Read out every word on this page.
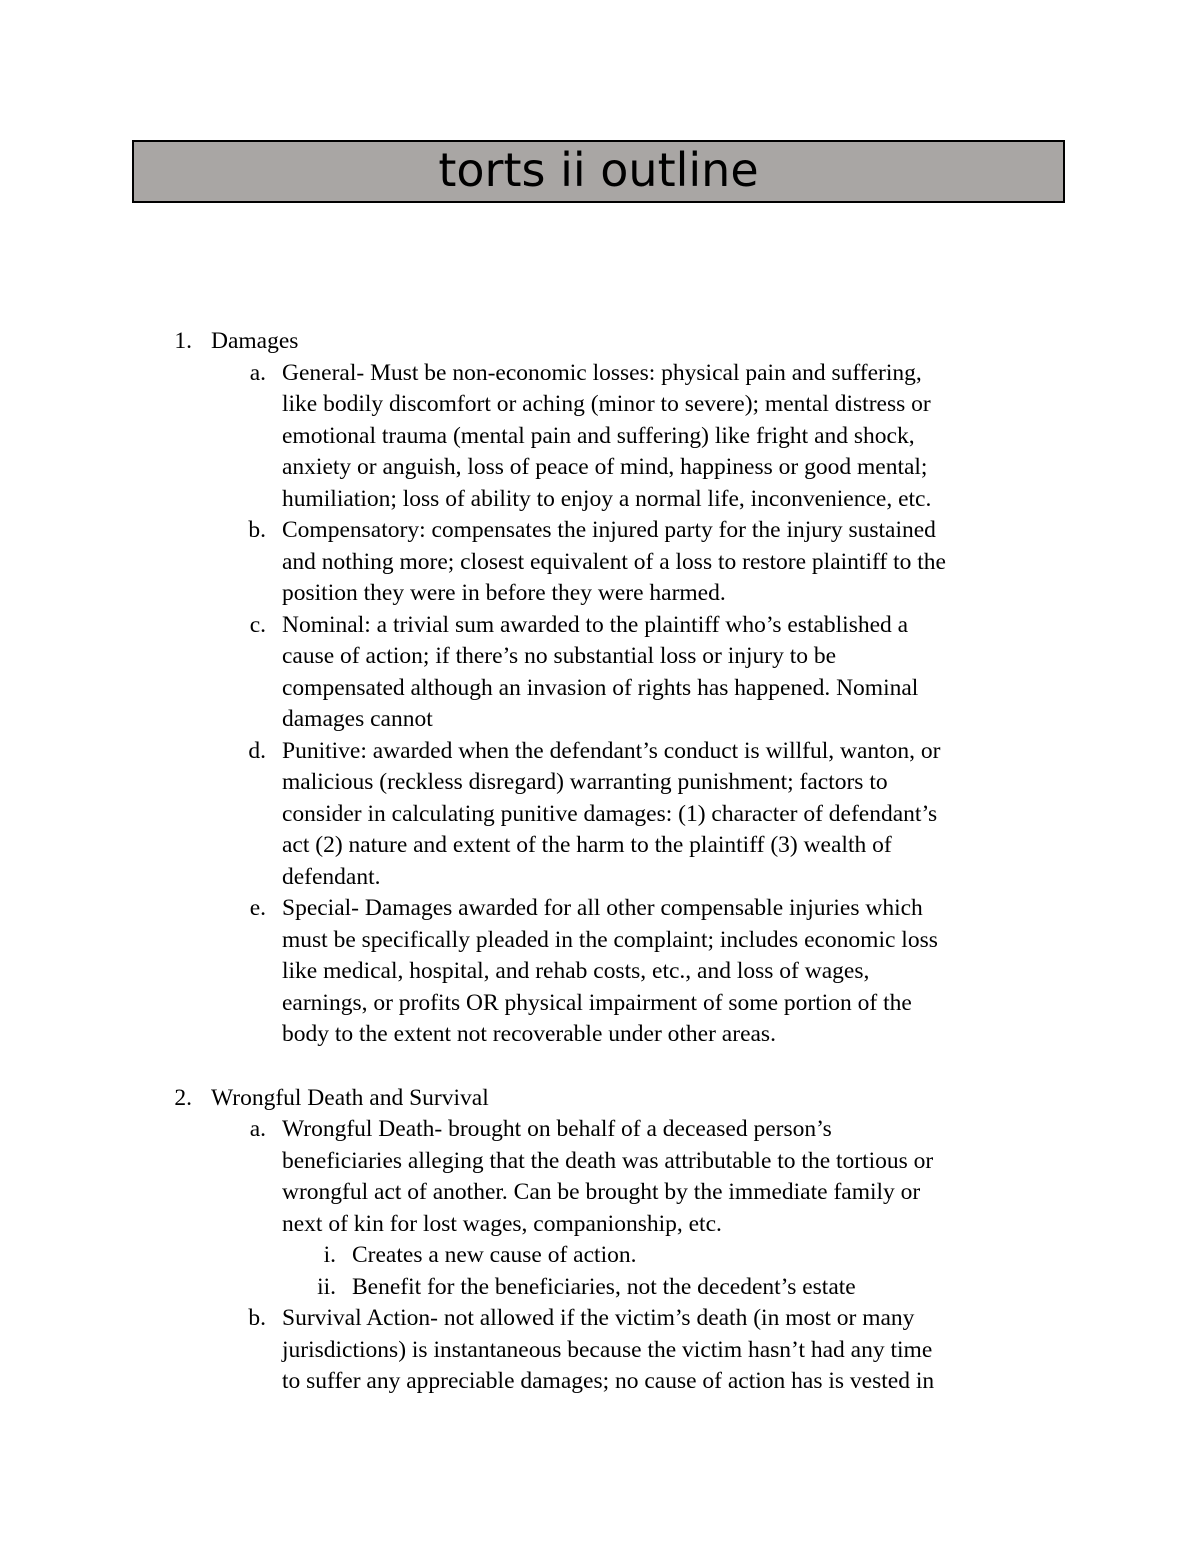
torts ii outline
1. Damages
a. General- Must be non-economic losses: physical pain and suffering,
like bodily discomfort or aching (minor to severe); mental distress or
emotional trauma (mental pain and suffering) like fright and shock,
anxiety or anguish, loss of peace of mind, happiness or good mental;
humiliation; loss of ability to enjoy a normal life, inconvenience, etc.
b. Compensatory: compensates the injured party for the injury sustained
and nothing more; closest equivalent of a loss to restore plaintiff to the
position they were in before they were harmed.
c. Nominal: a trivial sum awarded to the plaintiff who’s established a
cause of action; if there’s no substantial loss or injury to be
compensated although an invasion of rights has happened. Nominal
damages cannot
d. Punitive: awarded when the defendant’s conduct is willful, wanton, or
malicious (reckless disregard) warranting punishment; factors to
consider in calculating punitive damages: (1) character of defendant’s
act (2) nature and extent of the harm to the plaintiff (3) wealth of
defendant.
e. Special- Damages awarded for all other compensable injuries which
must be specifically pleaded in the complaint; includes economic loss
like medical, hospital, and rehab costs, etc., and loss of wages,
earnings, or profits OR physical impairment of some portion of the
body to the extent not recoverable under other areas.
2. Wrongful Death and Survival
a. Wrongful Death- brought on behalf of a deceased person’s
beneficiaries alleging that the death was attributable to the tortious or
wrongful act of another. Can be brought by the immediate family or
next of kin for lost wages, companionship, etc.
i. Creates a new cause of action.
ii. Benefit for the beneficiaries, not the decedent’s estate
b. Survival Action- not allowed if the victim’s death (in most or many
jurisdictions) is instantaneous because the victim hasn’t had any time
to suffer any appreciable damages; no cause of action has is vested in
